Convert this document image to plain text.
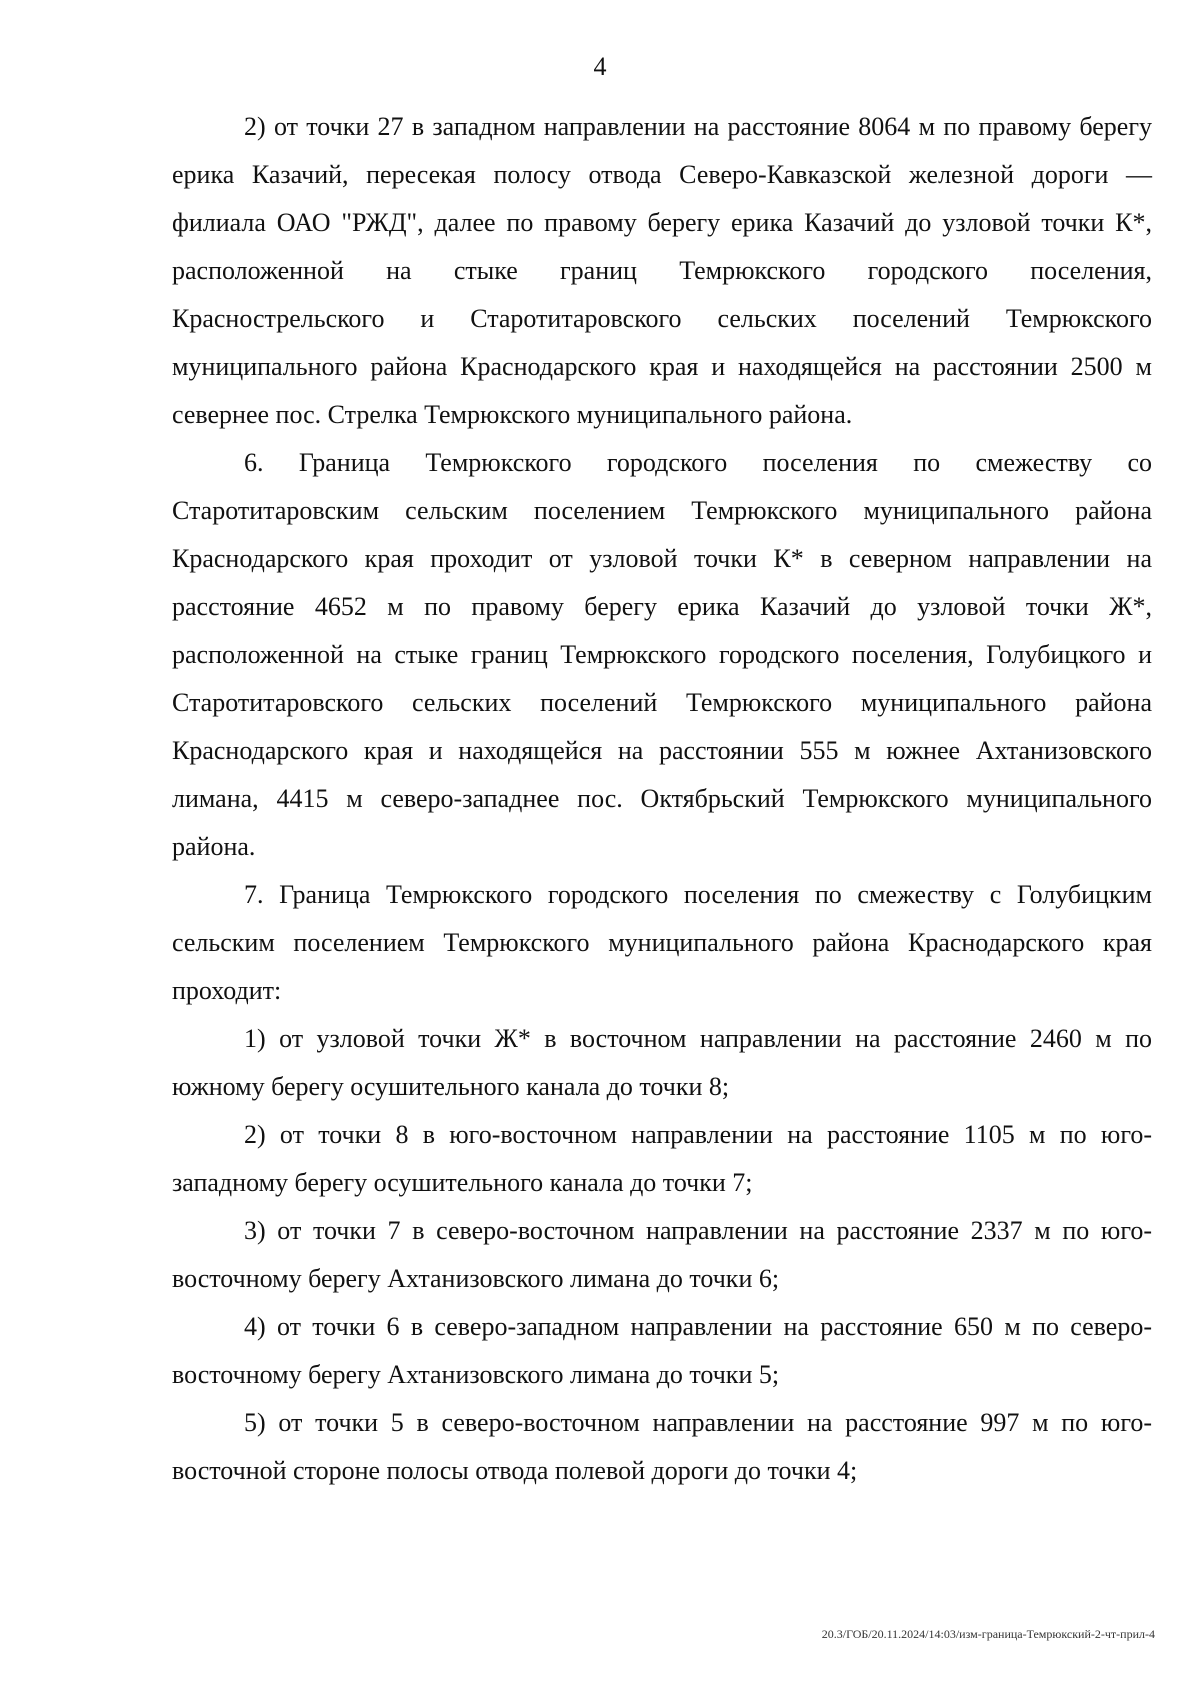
4

2) от точки 27 в западном направлении на расстояние 8064 м по правому берегу ерика Казачий, пересекая полосу отвода Северо-Кавказской железной дороги — филиала ОАО "РЖД", далее по правому берегу ерика Казачий до узловой точки К*, расположенной на стыке границ Темрюкского городского поселения, Краснострельского и Старотитаровского сельских поселений Темрюкского муниципального района Краснодарского края и находящейся на расстоянии 2500 м севернее пос. Стрелка Темрюкского муниципального района.

6. Граница Темрюкского городского поселения по смежеству со Старотитаровским сельским поселением Темрюкского муниципального района Краснодарского края проходит от узловой точки К* в северном направлении на расстояние 4652 м по правому берегу ерика Казачий до узловой точки Ж*, расположенной на стыке границ Темрюкского городского поселения, Голубицкого и Старотитаровского сельских поселений Темрюкского муниципального района Краснодарского края и находящейся на расстоянии 555 м южнее Ахтанизовского лимана, 4415 м северо-западнее пос. Октябрьский Темрюкского муниципального района.

7. Граница Темрюкского городского поселения по смежеству с Голубицким сельским поселением Темрюкского муниципального района Краснодарского края проходит:

1) от узловой точки Ж* в восточном направлении на расстояние 2460 м по южному берегу осушительного канала до точки 8;

2) от точки 8 в юго-восточном направлении на расстояние 1105 м по юго-западному берегу осушительного канала до точки 7;

3) от точки 7 в северо-восточном направлении на расстояние 2337 м по юго-восточному берегу Ахтанизовского лимана до точки 6;

4) от точки 6 в северо-западном направлении на расстояние 650 м по северо-восточному берегу Ахтанизовского лимана до точки 5;

5) от точки 5 в северо-восточном направлении на расстояние 997 м по юго-восточной стороне полосы отвода полевой дороги до точки 4;

20.3/ГОБ/20.11.2024/14:03/изм-граница-Темрюкский-2-чт-прил-4
